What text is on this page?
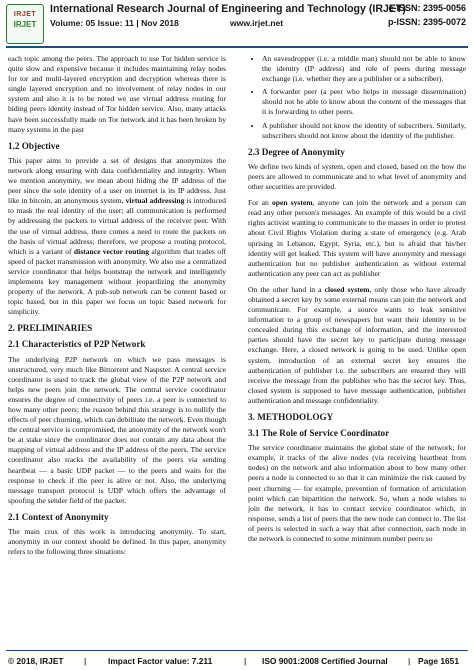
IRJET
IRJET
International Research Journal of Engineering and Technology (IRJET)
Volume: 05 Issue: 11 | Nov 2018	www.irjet.net
e-ISSN: 2395-0056
p-ISSN: 2395-0072

each topic among the peers. The approach to use Tor hidden service is quite slow and expensive because it includes maintaining relay nodes for tor and multi-layered encryption and decryption whereas there is single layered encryption and no involvement of relay nodes in our system and also it is to be noted we use virtual address routing for hiding peers identity instead of Tor hidden service. Also, many attacks have been successfully made on Tor network and it has been broken by many systems in the past

1.2 Objective

This paper aims to provide a set of designs that anonymizes the network along ensuring with data confidentiality and integrity. When we mention anonymity, we mean about hiding the IP address of the peer since the sole identity of a user on internet is its IP address. Just like in bitcoin, an anonymous system, virtual addressing is introduced to mask the real identity of the user; all communication is performed by addressing the packets to virtual address of the receiver peer. With the use of virtual address, there comes a need to route the packets on the basis of virtual address; therefore, we propose a routing protocol, which is a variant of distance vector routing algorithm that trades off speed of packet transmission with anonymity. We also use a centralized service coordinator that helps bootstrap the network and intelligently implements key management without jeopardizing the anonymity property of the network. A pub-sub network can be content based or topic based, but in this paper we focus on topic based network for simplicity.

2. PRELIMINARIES
2.1 Characteristics of P2P Network

The underlying P2P network on which we pass messages is unstructured, very much like Bittorrent and Naspster. A central service coordinator is used to track the global view of the P2P network and helps new peers join the network. The central service coordinator ensures the degree of connectivity of peers i.e. a peer is connected to how many other peers; the reason behind this strategy is to nullify the effects of peer churning, which can debilitate the network. Even though the central service is compromised, the anonymity of the network won't be at stake since the coordinator does not contain any data about the mapping of virtual address and the IP address of the peers. The service coordinator also tracks the availability of the peers via sending heartbeat — a basic UDP packet — to the peers and waits for the response to check if the peer is alive or not. Also, the underlying message transport protocol is UDP which offers the advantage of spoofing the sender field of the packet.

2.1 Context of Anonymity

The main crux of this work is introducing anonymity. To start, anonymity in our context should be defined. In this paper, anonymity refers to the following three situations:

• An eavesdropper (i.e. a middle man) should not be able to know the identity (IP address) and role of peers during message exchange (i.e. whether they are a publisher or a subscriber).
• A forwarder peer (a peer who helps in message dissemination) should not be able to know about the content of the messages that it is forwarding to other peers.
• A publisher should not know the identity of subscribers. Similarly, subscribers should not know about the identity of the publisher.
2.3 Degree of Anonymity

We define two kinds of system, open and closed, based on the how the peers are allowed to communicate and to what level of anonymity and other securities are provided.

For an open system, anyone can join the network and a person can read any other person's messages. An example of this would be a civil rights activist wanting to communicate to the masses in order to protest about Civil Rights Violation during a state of emergency (e.g. Arab uprising in Lebanon, Egypt, Syria, etc.), but is afraid that his/her identity will get leaked. This system will have anonymity and message authentication but no publisher authentication as without external authentication any peer can act as publisher

On the other hand in a closed system, only those who have already obtained a secret key by some external means can join the network and communicate. For example, a source wants to leak sensitive information to a group of newspapers but want their identity to be concealed during this exchange of information, and the interested parties should have the secret key to participate during message exchange. Here, a closed network is going to be used. Unlike open system, introduction of an external secret key ensures the authentication of publisher i.e. the subscribers are ensured they will receive the message from the publisher who has the secret key. Thus, closed system is supposed to have message authentication, publisher authentication and message confidentiality.

3. METHODOLOGY
3.1 The Role of Service Coordinator

The service coordinator maintains the global state of the network; for example, it tracks of the alive nodes (via receiving heartbeat from nodes) on the network and also information about to how many other peers a node is connected to so that it can minimize the risk caused by peer churning — for example, prevention of formation of articulation point which can bipartition the network. So, when a node wishes to join the network, it has to contact service coordinator which, in response, sends a list of peers that the new node can connect to. The list of peers is selected in such a way that after connection, each node in the network is connected to some minimum number peers so

© 2018, IRJET |	Impact Factor value: 7.211	| ISO 9001:2008 Certified Journal | Page 1651
